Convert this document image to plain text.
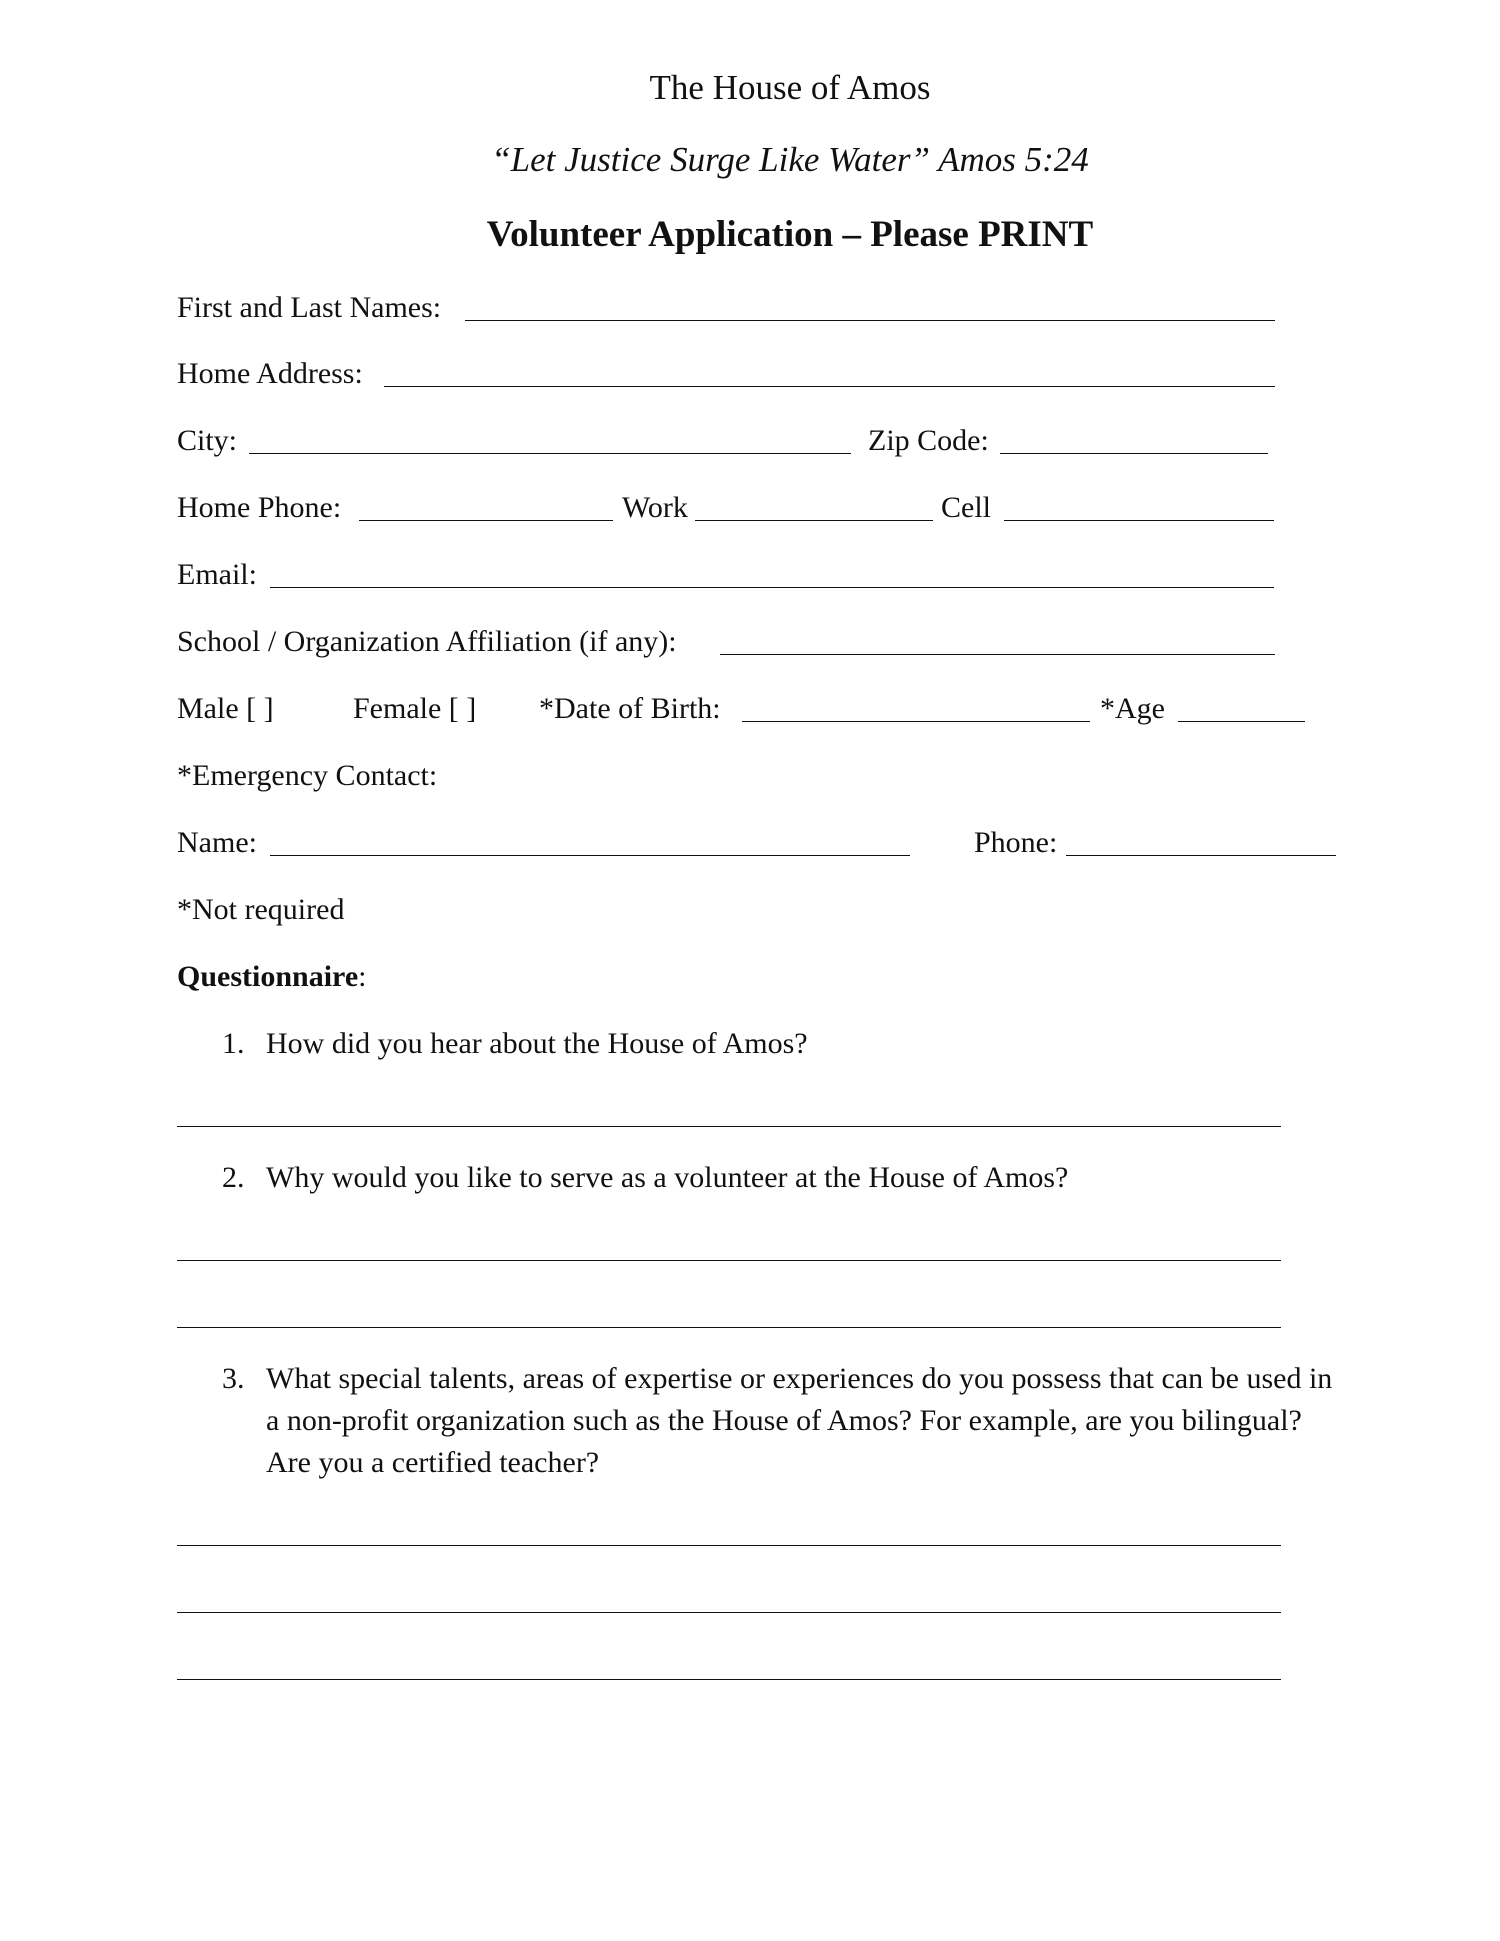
The House of Amos
“Let Justice Surge Like Water” Amos 5:24
Volunteer Application – Please PRINT
First and Last Names:
Home Address:
City:	Zip Code:
Home Phone:	Work	Cell
Email:
School / Organization Affiliation (if any):
Male [ ]	Female [ ] *Date of Birth:	*Age
*Emergency Contact:
Name:	Phone:
*Not required
Questionnaire:
1. How did you hear about the House of Amos?
2. Why would you like to serve as a volunteer at the House of Amos?
3. What special talents, areas of expertise or experiences do you possess that can be used in
a non-profit organization such as the House of Amos? For example, are you bilingual?
Are you a certified teacher?
